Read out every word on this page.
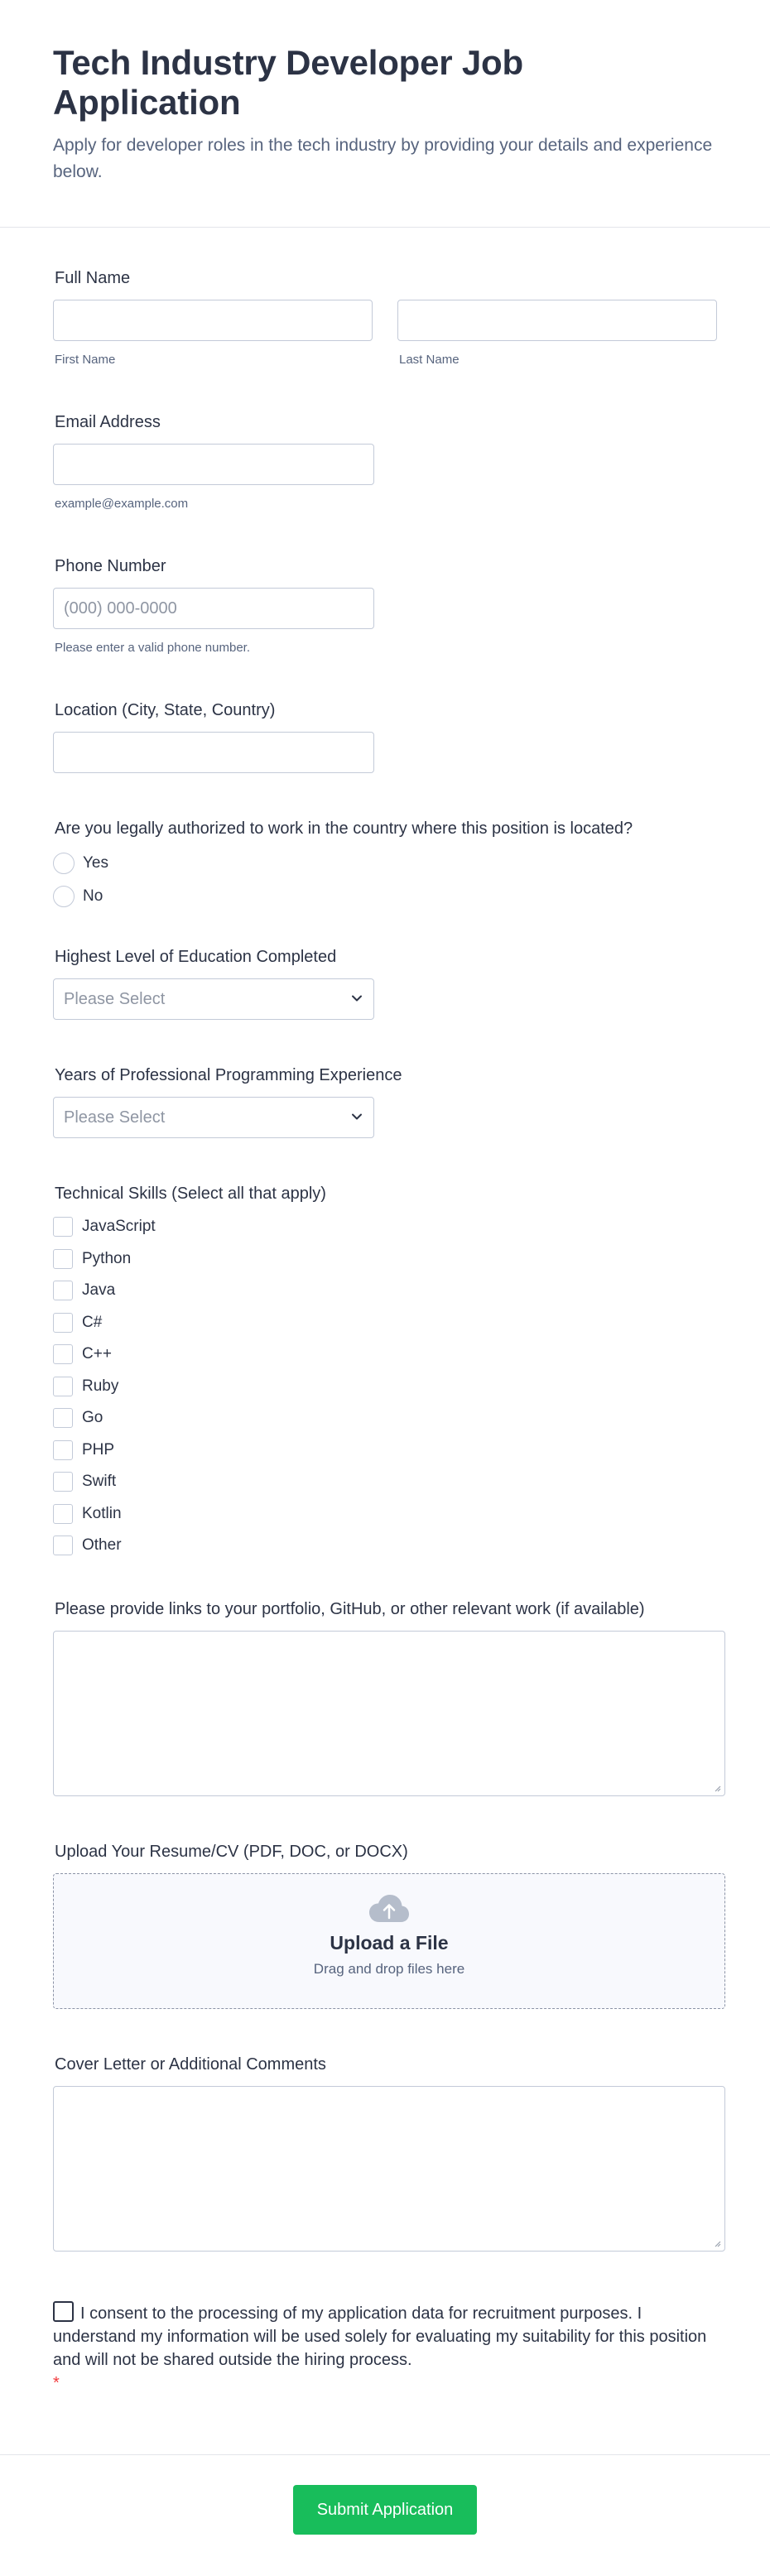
Tech Industry Developer Job Application

Apply for developer roles in the tech industry by providing your details and experience below.

Full Name
First Name	Last Name
Email Address
example@example.com
Phone Number
(000) 000-0000
Please enter a valid phone number.
Location (City, State, Country)
Are you legally authorized to work in the country where this position is located?
Yes
No
Highest Level of Education Completed
Please Select
Years of Professional Programming Experience
Please Select
Technical Skills (Select all that apply)
JavaScript
Python
Java
C#
C++
Ruby
Go
PHP
Swift
Kotlin
Other
Please provide links to your portfolio, GitHub, or other relevant work (if available)
Upload Your Resume/CV (PDF, DOC, or DOCX)
Upload a File
Drag and drop files here
Cover Letter or Additional Comments
I consent to the processing of my application data for recruitment purposes. I understand my information will be used solely for evaluating my suitability for this position and will not be shared outside the hiring process.
*
Submit Application
